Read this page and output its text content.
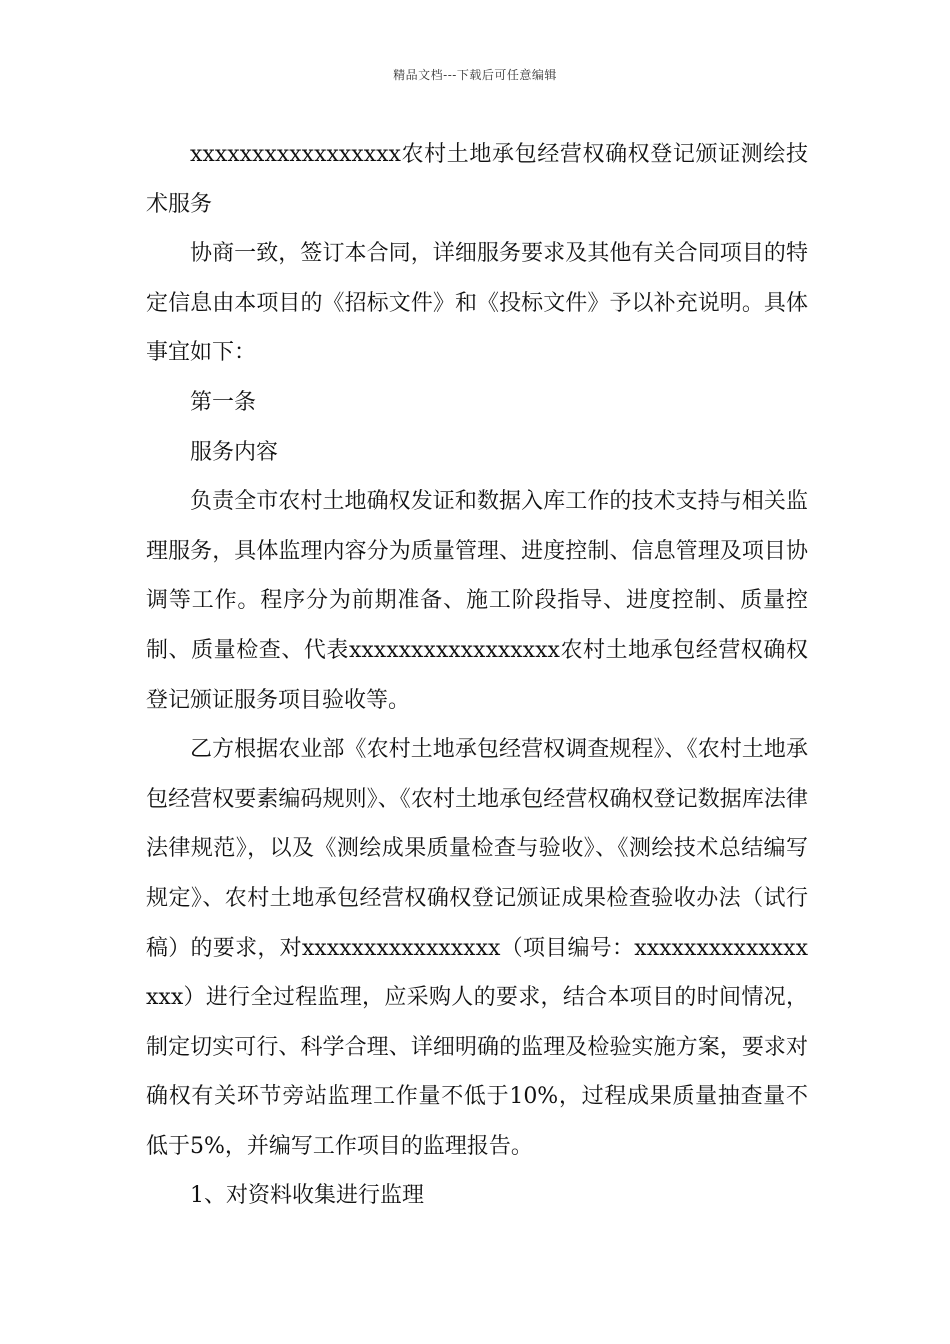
精品文档---下载后可任意编辑

xxxxxxxxxxxxxxxxx农村土地承包经营权确权登记颁证测绘技术服务

协商一致，签订本合同，详细服务要求及其他有关合同项目的特定信息由本项目的《招标文件》和《投标文件》予以补充说明。具体事宜如下：

第一条

服务内容

负责全市农村土地确权发证和数据入库工作的技术支持与相关监理服务，具体监理内容分为质量管理、进度控制、信息管理及项目协调等工作。程序分为前期准备、施工阶段指导、进度控制、质量控制、质量检查、代表xxxxxxxxxxxxxxxxx农村土地承包经营权确权登记颁证服务项目验收等。

乙方根据农业部《农村土地承包经营权调查规程》、《农村土地承包经营权要素编码规则》、《农村土地承包经营权确权登记数据库法律法律规范》，以及《测绘成果质量检查与验收》、《测绘技术总结编写规定》、农村土地承包经营权确权登记颁证成果检查验收办法（试行稿）的要求，对xxxxxxxxxxxxxxxx（项目编号：xxxxxxxxxxxxxxxxx）进行全过程监理，应采购人的要求，结合本项目的时间情况，制定切实可行、科学合理、详细明确的监理及检验实施方案，要求对确权有关环节旁站监理工作量不低于10%，过程成果质量抽查量不低于5%，并编写工作项目的监理报告。

1、对资料收集进行监理
